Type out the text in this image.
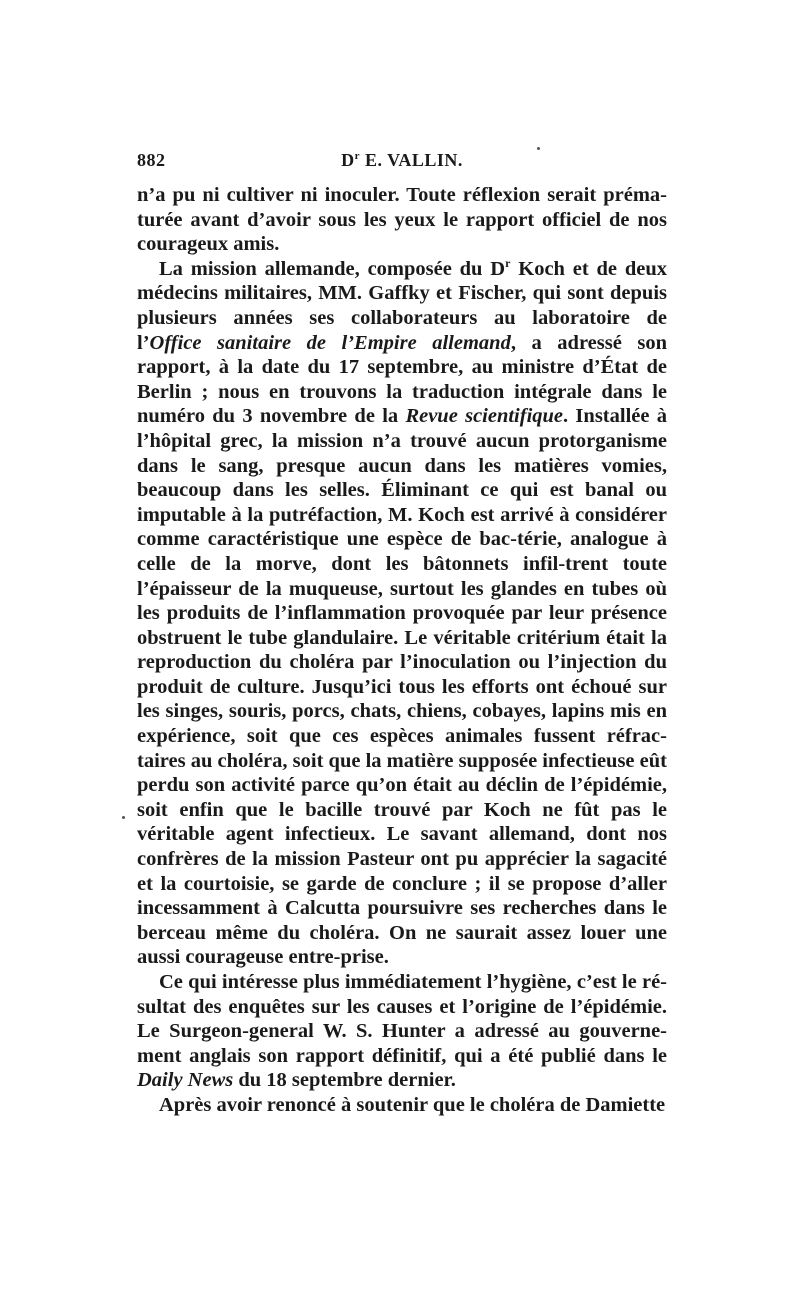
882	$D^r$ E. VALLIN.

n’a pu ni cultiver ni inoculer. Toute réflexion serait préma-turée avant d’avoir sous les yeux le rapport officiel de nos courageux amis.

La mission allemande, composée du $D^r$ Koch et de deux médecins militaires, MM. Gaffky et Fischer, qui sont depuis plusieurs années ses collaborateurs au laboratoire de l’Office sanitaire de l’Empire allemand, a adressé son rapport, à la date du 17 septembre, au ministre d’État de Berlin ; nous en trouvons la traduction intégrale dans le numéro du 3 novembre de la Revue scientifique. Installée à l’hôpital grec, la mission n’a trouvé aucun protorganisme dans le sang, presque aucun dans les matières vomies, beaucoup dans les selles. Éliminant ce qui est banal ou imputable à la putréfaction, M. Koch est arrivé à considérer comme caractéristique une espèce de bac-térie, analogue à celle de la morve, dont les bâtonnets infil-trent toute l’épaisseur de la muqueuse, surtout les glandes en tubes où les produits de l’inflammation provoquée par leur présence obstruent le tube glandulaire. Le véritable critérium était la reproduction du choléra par l’inoculation ou l’injection du produit de culture. Jusqu’ici tous les efforts ont échoué sur les singes, souris, porcs, chats, chiens, cobayes, lapins mis en expérience, soit que ces espèces animales fussent réfrac-taires au choléra, soit que la matière supposée infectieuse eût perdu son activité parce qu’on était au déclin de l’épidémie, soit enfin que le bacille trouvé par Koch ne fût pas le véritable agent infectieux. Le savant allemand, dont nos confrères de la mission Pasteur ont pu apprécier la sagacité et la courtoisie, se garde de conclure ; il se propose d’aller incessamment à Calcutta poursuivre ses recherches dans le berceau même du choléra. On ne saurait assez louer une aussi courageuse entre-prise.

Ce qui intéresse plus immédiatement l’hygiène, c’est le ré-sultat des enquêtes sur les causes et l’origine de l’épidémie. Le Surgeon-general W. S. Hunter a adressé au gouverne-ment anglais son rapport définitif, qui a été publié dans le Daily News du 18 septembre dernier.

Après avoir renoncé à soutenir que le choléra de Damiette
